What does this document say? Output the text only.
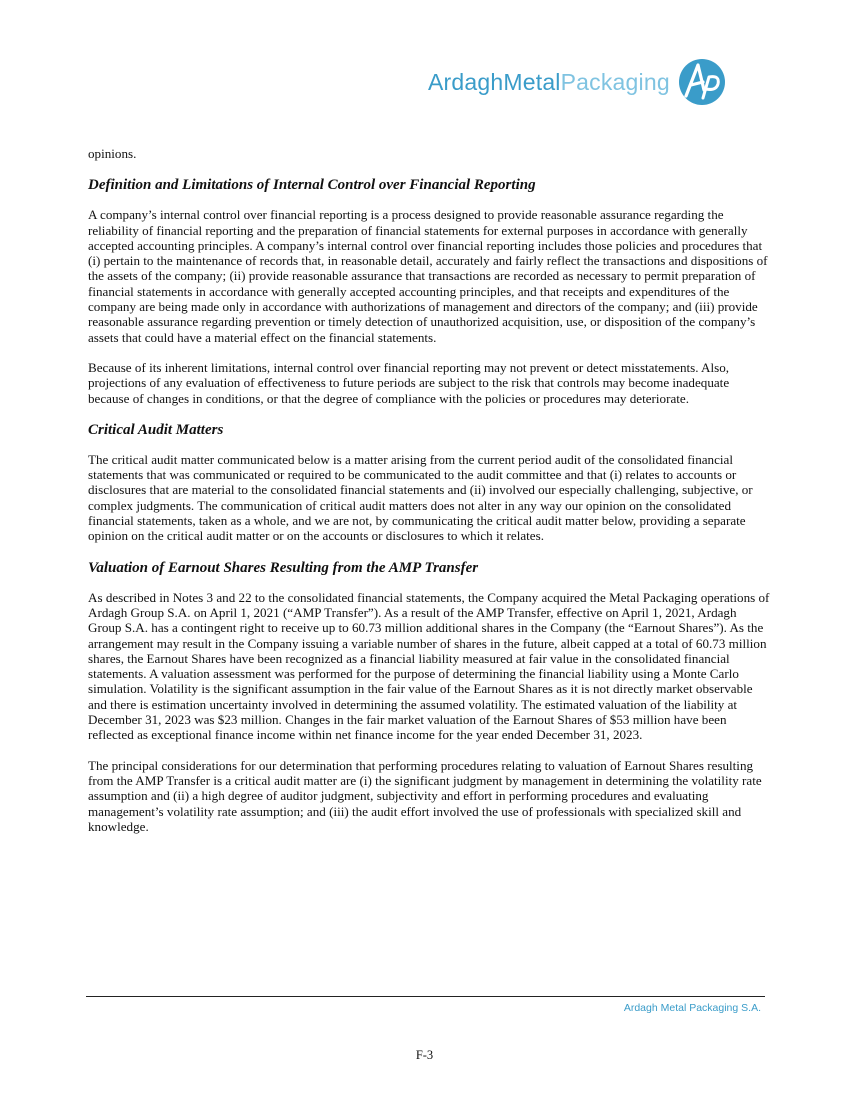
ArdaghMetalPackaging

opinions.

Definition and Limitations of Internal Control over Financial Reporting

A company’s internal control over financial reporting is a process designed to provide reasonable assurance regarding the reliability of financial reporting and the preparation of financial statements for external purposes in accordance with generally accepted accounting principles. A company’s internal control over financial reporting includes those policies and procedures that (i) pertain to the maintenance of records that, in reasonable detail, accurately and fairly reflect the transactions and dispositions of the assets of the company; (ii) provide reasonable assurance that transactions are recorded as necessary to permit preparation of financial statements in accordance with generally accepted accounting principles, and that receipts and expenditures of the company are being made only in accordance with authorizations of management and directors of the company; and (iii) provide reasonable assurance regarding prevention or timely detection of unauthorized acquisition, use, or disposition of the company’s assets that could have a material effect on the financial statements.

Because of its inherent limitations, internal control over financial reporting may not prevent or detect misstatements. Also, projections of any evaluation of effectiveness to future periods are subject to the risk that controls may become inadequate because of changes in conditions, or that the degree of compliance with the policies or procedures may deteriorate.

Critical Audit Matters

The critical audit matter communicated below is a matter arising from the current period audit of the consolidated financial statements that was communicated or required to be communicated to the audit committee and that (i) relates to accounts or disclosures that are material to the consolidated financial statements and (ii) involved our especially challenging, subjective, or complex judgments. The communication of critical audit matters does not alter in any way our opinion on the consolidated financial statements, taken as a whole, and we are not, by communicating the critical audit matter below, providing a separate opinion on the critical audit matter or on the accounts or disclosures to which it relates.

Valuation of Earnout Shares Resulting from the AMP Transfer

As described in Notes 3 and 22 to the consolidated financial statements, the Company acquired the Metal Packaging operations of Ardagh Group S.A. on April 1, 2021 (“AMP Transfer”). As a result of the AMP Transfer, effective on April 1, 2021, Ardagh Group S.A. has a contingent right to receive up to 60.73 million additional shares in the Company (the “Earnout Shares”). As the arrangement may result in the Company issuing a variable number of shares in the future, albeit capped at a total of 60.73 million shares, the Earnout Shares have been recognized as a financial liability measured at fair value in the consolidated financial statements. A valuation assessment was performed for the purpose of determining the financial liability using a Monte Carlo simulation. Volatility is the significant assumption in the fair value of the Earnout Shares as it is not directly market observable and there is estimation uncertainty involved in determining the assumed volatility. The estimated valuation of the liability at December 31, 2023 was $23 million. Changes in the fair market valuation of the Earnout Shares of $53 million have been reflected as exceptional finance income within net finance income for the year ended December 31, 2023.

The principal considerations for our determination that performing procedures relating to valuation of Earnout Shares resulting from the AMP Transfer is a critical audit matter are (i) the significant judgment by management in determining the volatility rate assumption and (ii) a high degree of auditor judgment, subjectivity and effort in performing procedures and evaluating management’s volatility rate assumption; and (iii) the audit effort involved the use of professionals with specialized skill and knowledge.

Ardagh Metal Packaging S.A.
F-3
